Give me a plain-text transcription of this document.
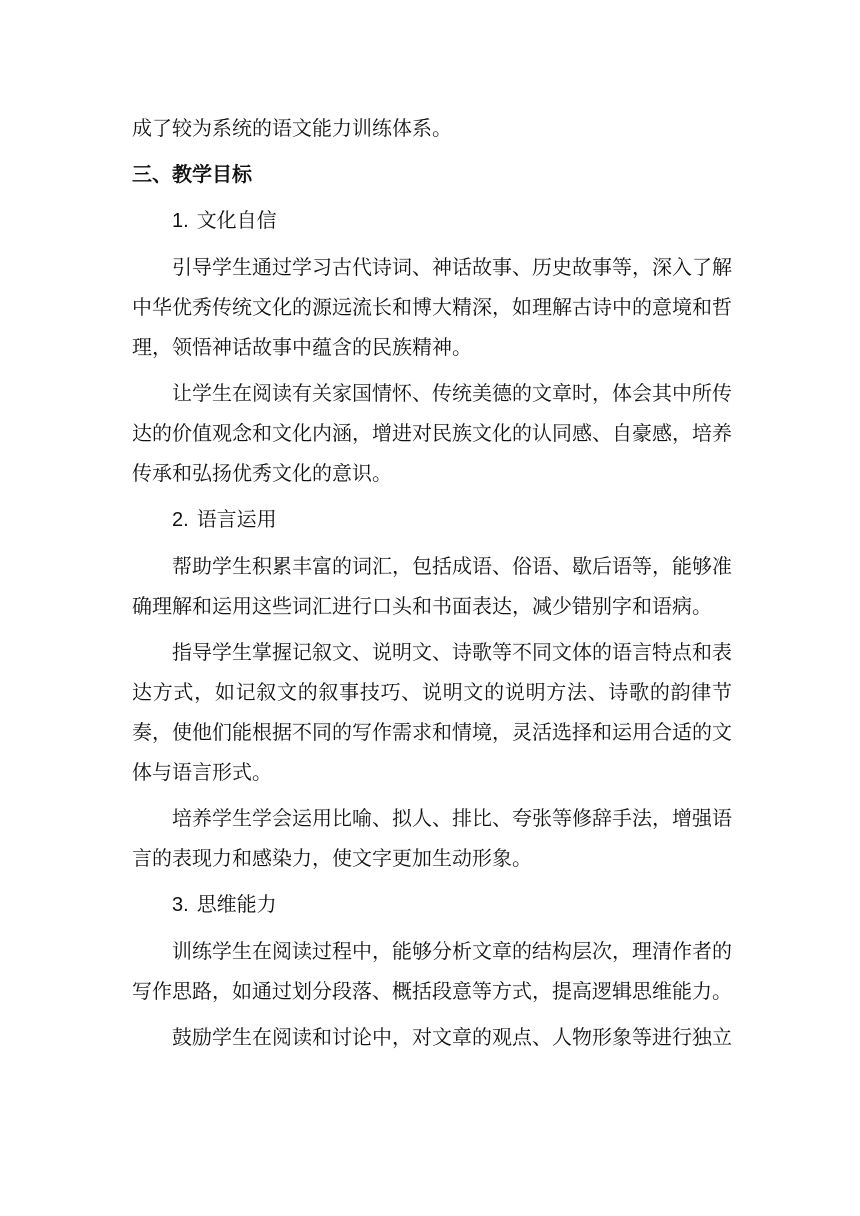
成了较为系统的语文能力训练体系。

三、教学目标

1. 文化自信

引导学生通过学习古代诗词、神话故事、历史故事等，深入了解中华优秀传统文化的源远流长和博大精深，如理解古诗中的意境和哲理，领悟神话故事中蕴含的民族精神。

让学生在阅读有关家国情怀、传统美德的文章时，体会其中所传达的价值观念和文化内涵，增进对民族文化的认同感、自豪感，培养传承和弘扬优秀文化的意识。

2. 语言运用

帮助学生积累丰富的词汇，包括成语、俗语、歇后语等，能够准确理解和运用这些词汇进行口头和书面表达，减少错别字和语病。

指导学生掌握记叙文、说明文、诗歌等不同文体的语言特点和表达方式，如记叙文的叙事技巧、说明文的说明方法、诗歌的韵律节奏，使他们能根据不同的写作需求和情境，灵活选择和运用合适的文体与语言形式。

培养学生学会运用比喻、拟人、排比、夸张等修辞手法，增强语言的表现力和感染力，使文字更加生动形象。

3. 思维能力

训练学生在阅读过程中，能够分析文章的结构层次，理清作者的写作思路，如通过划分段落、概括段意等方式，提高逻辑思维能力。

鼓励学生在阅读和讨论中，对文章的观点、人物形象等进行独立
